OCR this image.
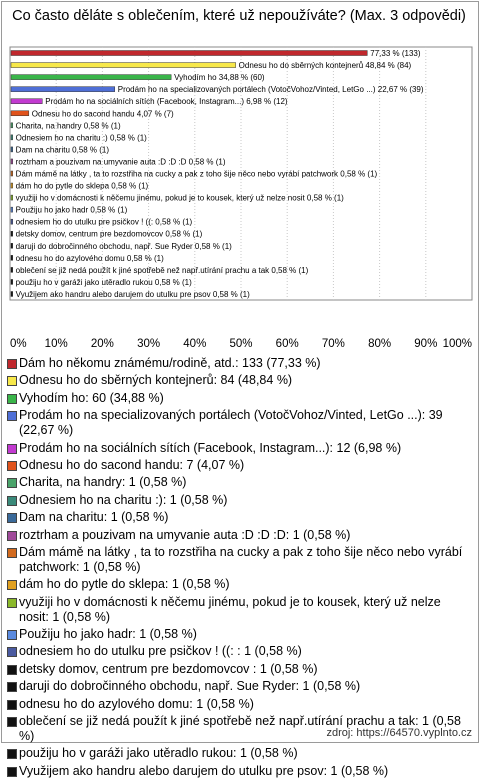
Co často děláte s oblečením, které už nepoužíváte? (Max. 3 odpovědi)
0% 10% 20% 30% 40% 50% 60% 70% 80% 90% 100%
77,33 % (133)
Odnesu ho do sběrných kontejnerů 48,84 % (84)
Vyhodím ho 34,88 % (60)
Prodám ho na specializovaných portálech (VotočVohoz/Vinted, LetGo ...) 22,67 % (39)
Prodám ho na sociálních sítích (Facebook, Instagram...) 6,98 % (12)
Odnesu ho do sacond handu 4,07 % (7)
Charita, na handry 0,58 % (1)
Odnesiem ho na charitu :) 0,58 % (1)
Dam na charitu 0,58 % (1)
roztrham a pouzivam na umyvanie auta :D :D :D 0,58 % (1)
Dám mámě na látky , ta to rozstřiha na cucky a pak z toho šije něco nebo vyrábí patchwork 0,58 % (1)
dám ho do pytle do sklepa 0,58 % (1)
využiji ho v domácnosti k něčemu jinému, pokud je to kousek, který už nelze nosit 0,58 % (1)
Použiju ho jako hadr 0,58 % (1)
odnesiem ho do utulku pre psičkov ! ((: 0,58 % (1)
detsky domov, centrum pre bezdomovcov 0,58 % (1)
daruji do dobročinného obchodu, např. Sue Ryder 0,58 % (1)
odnesu ho do azylového domu 0,58 % (1)
oblečení se již nedá použít k jiné spotřebě než např.utírání prachu a tak 0,58 % (1)
použiju ho v garáži jako utěradlo rukou 0,58 % (1)
Využijem ako handru alebo darujem do utulku pre psov 0,58 % (1)
Dám ho někomu známému/rodině, atd.: 133 (77,33 %)
Odnesu ho do sběrných kontejnerů: 84 (48,84 %)
Vyhodím ho: 60 (34,88 %)
Prodám ho na specializovaných portálech (VotočVohoz/Vinted, LetGo ...): 39 (22,67 %)
Prodám ho na sociálních sítích (Facebook, Instagram...): 12 (6,98 %)
Odnesu ho do sacond handu: 7 (4,07 %)
Charita, na handry: 1 (0,58 %)
Odnesiem ho na charitu :): 1 (0,58 %)
Dam na charitu: 1 (0,58 %)
roztrham a pouzivam na umyvanie auta :D :D :D: 1 (0,58 %)
Dám mámě na látky , ta to rozstřiha na cucky a pak z toho šije něco nebo vyrábí patchwork: 1 (0,58 %)
dám ho do pytle do sklepa: 1 (0,58 %)
využiji ho v domácnosti k něčemu jinému, pokud je to kousek, který už nelze nosit: 1 (0,58 %)
Použiju ho jako hadr: 1 (0,58 %)
odnesiem ho do utulku pre psičkov ! ((: : 1 (0,58 %)
detsky domov, centrum pre bezdomovcov : 1 (0,58 %)
daruji do dobročinného obchodu, např. Sue Ryder: 1 (0,58 %)
odnesu ho do azylového domu: 1 (0,58 %)
oblečení se již nedá použít k jiné spotřebě než např.utírání prachu a tak: 1 (0,58 %)
použiju ho v garáži jako utěradlo rukou: 1 (0,58 %)
Využijem ako handru alebo darujem do utulku pre psov: 1 (0,58 %)
zdroj: https://64570.vyplnto.cz
